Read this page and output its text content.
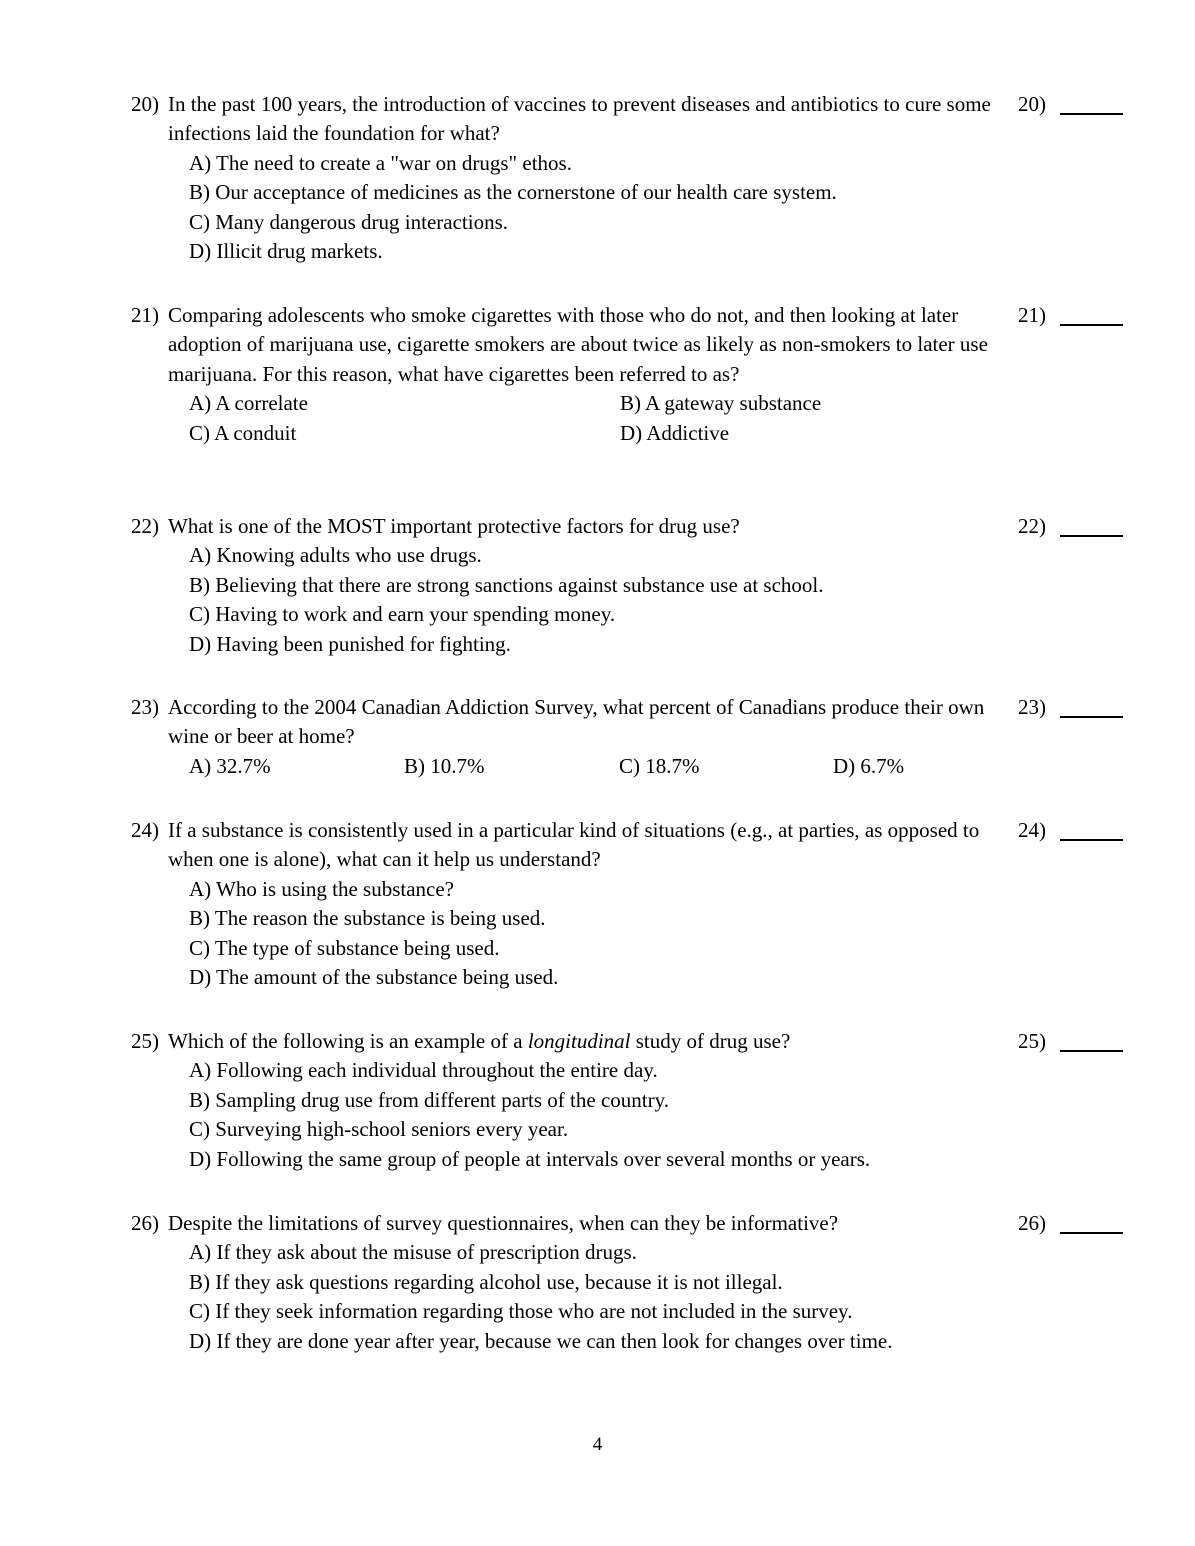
20) In the past 100 years, the introduction of vaccines to prevent diseases and antibiotics to cure some infections laid the foundation for what?
A) The need to create a "war on drugs" ethos.
B) Our acceptance of medicines as the cornerstone of our health care system.
C) Many dangerous drug interactions.
D) Illicit drug markets.
20)
21) Comparing adolescents who smoke cigarettes with those who do not, and then looking at later adoption of marijuana use, cigarette smokers are about twice as likely as non-smokers to later use marijuana. For this reason, what have cigarettes been referred to as?
A) A correlate	B) A gateway substance
C) A conduit	D) Addictive
21)
22) What is one of the MOST important protective factors for drug use?
A) Knowing adults who use drugs.
B) Believing that there are strong sanctions against substance use at school.
C) Having to work and earn your spending money.
D) Having been punished for fighting.
22)
23) According to the 2004 Canadian Addiction Survey, what percent of Canadians produce their own wine or beer at home?
A) 32.7%	B) 10.7%	C) 18.7%	D) 6.7%
23)
24) If a substance is consistently used in a particular kind of situations (e.g., at parties, as opposed to when one is alone), what can it help us understand?
A) Who is using the substance?
B) The reason the substance is being used.
C) The type of substance being used.
D) The amount of the substance being used.
24)
25) Which of the following is an example of a longitudinal study of drug use?
A) Following each individual throughout the entire day.
B) Sampling drug use from different parts of the country.
C) Surveying high-school seniors every year.
D) Following the same group of people at intervals over several months or years.
25)
26) Despite the limitations of survey questionnaires, when can they be informative?
A) If they ask about the misuse of prescription drugs.
B) If they ask questions regarding alcohol use, because it is not illegal.
C) If they seek information regarding those who are not included in the survey.
D) If they are done year after year, because we can then look for changes over time.
26)
4
